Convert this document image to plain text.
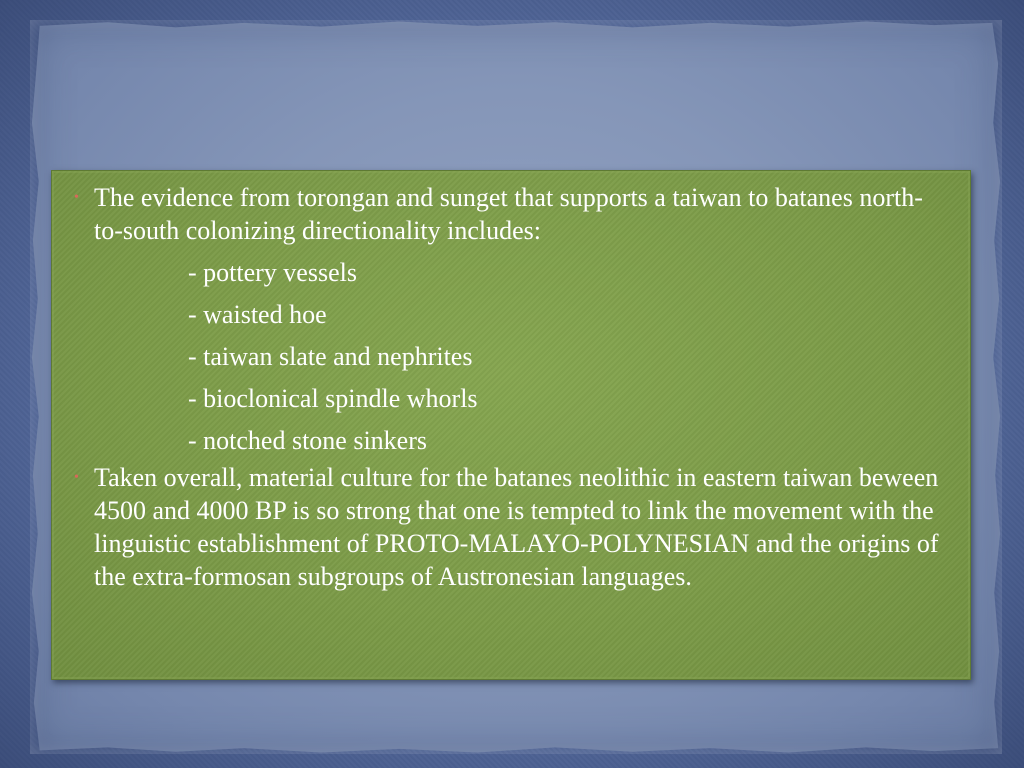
• The evidence from torongan and sunget that supports a taiwan to batanes north-to-south colonizing directionality includes:
- pottery vessels
- waisted hoe
- taiwan slate and nephrites
- bioclonical spindle whorls
- notched stone sinkers
• Taken overall, material culture for the batanes neolithic in eastern taiwan beween 4500 and 4000 BP is so strong that one is tempted to link the movement with the linguistic establishment of PROTO-MALAYO-POLYNESIAN and the origins of the extra-formosan subgroups of Austronesian languages.
